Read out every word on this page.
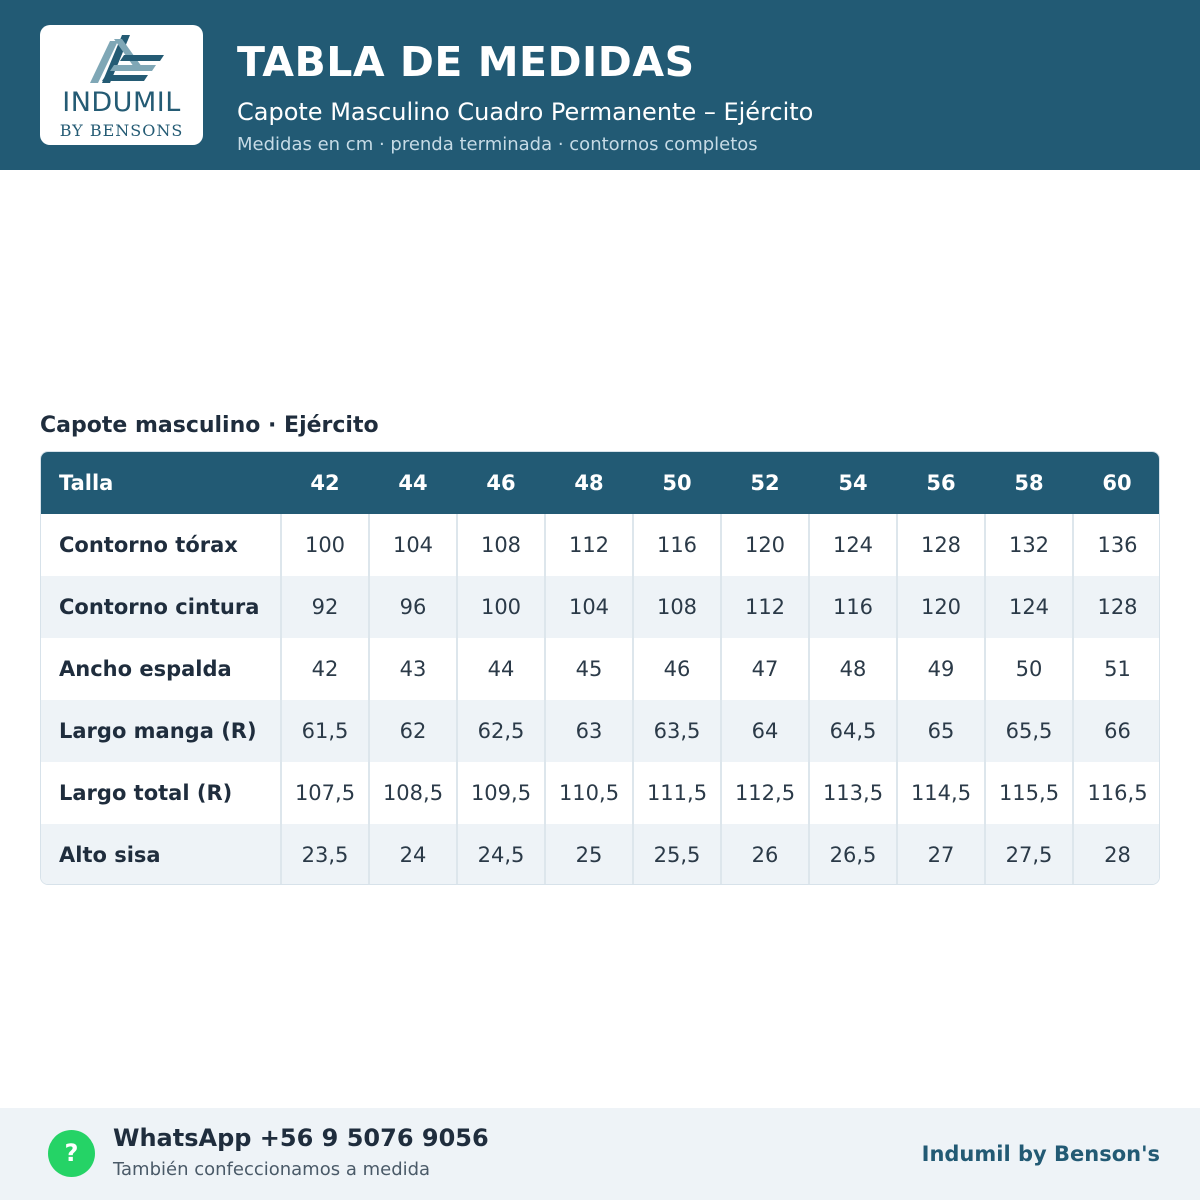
INDUMIL
BY BENSONS
TABLA DE MEDIDAS
Capote Masculino Cuadro Permanente – Ejército
Medidas en cm · prenda terminada · contornos completos
Capote masculino · Ejército
Talla	42	44	46	48	50	52	54	56	58	60
Contorno tórax	100	104	108	112	116	120	124	128	132	136
Contorno cintura	92	96	100	104	108	112	116	120	124	128
Ancho espalda	42	43	44	45	46	47	48	49	50	51
Largo manga (R)	61,5	62	62,5	63	63,5	64	64,5	65	65,5	66
Largo total (R)	107,5	108,5	109,5	110,5	111,5	112,5	113,5	114,5	115,5	116,5
Alto sisa	23,5	24	24,5	25	25,5	26	26,5	27	27,5	28
?
WhatsApp +56 9 5076 9056
También confeccionamos a medida
Indumil by Benson's
